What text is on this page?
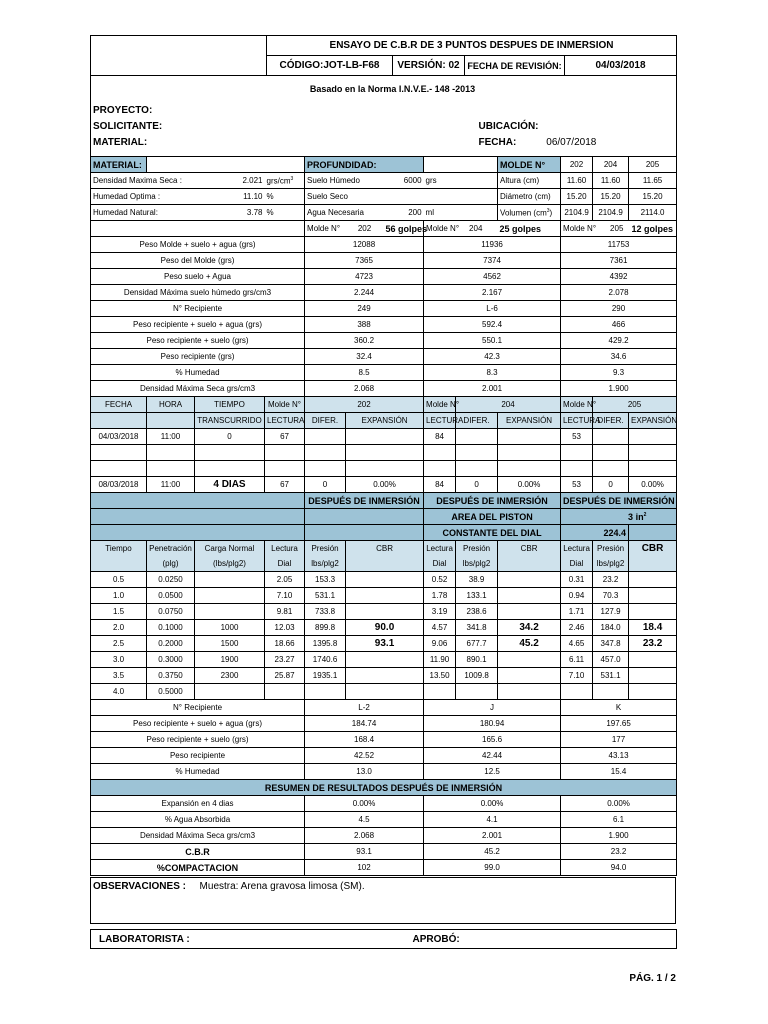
	ENSAYO DE C.B.R DE 3 PUNTOS DESPUES DE INMERSION			
	CÓDIGO:JOT-LB-F68	VERSIÓN: 02	FECHA DE REVISIÓN:	04/03/2018
Basado en la Norma I.N.V.E.- 148 -2013	
PROYECTO:	
SOLICITANTE:	UBICACIÓN:
MATERIAL:	FECHA: 06/07/2018

MATERIAL:				PROFUNDIDAD:					MOLDE N°	202	204	205
Densidad Maxima Seca :		2.021	grs/$cm^3$	Suelo Húmedo		6000	grs		Altura (cm)	11.60	11.60	11.65
Humedad Optima :		11.10	%	Suelo Seco					Diámetro (cm)	15.20	15.20	15.20
Humedad Natural:		3.78	%	Agua Necesaria		200	ml		Volumen $(cm^3)$	2104.9	2104.9	2114.0
				Molde N°	202	56 golpes	Molde N° 204		25 golpes	Molde N° 205		12 golpes
Peso Molde + suelo + agua (grs)				12088			11936			11753		
Peso del Molde (grs)				7365			7374			7361		
Peso suelo + Agua				4723			4562			4392		
Densidad Máxima suelo húmedo grs/cm3				2.244			2.167			2.078		
N° Recipiente				249			L-6			290		
Peso recipiente + suelo + agua (grs)				388			592.4			466		
Peso recipiente + suelo (grs)				360.2			550.1			429.2		
Peso recipiente (grs)				32.4			42.3			34.6		
% Humedad				8.5			8.3			9.3		
Densidad Máxima Seca grs/cm3				2.068			2.001			1.900		
FECHA	HORA	TIEMPO	Molde N°	202			Molde N°	204		Molde N°	205	
		TRANSCURRIDO	LECTURA	DIFER.	EXPANSIÓN		LECTURA	DIFER.	EXPANSIÓN	LECTURA	DIFER.	EXPANSIÓN
04/03/2018	11:00	0	67				84			53		

08/03/2018	11:00	4 DIAS	67	0	0.00%		84	0	0.00%	53	0	0.00%
				DESPUÉS DE INMERSIÓN			DESPUÉS DE INMERSIÓN			DESPUÉS DE INMERSIÓN		
							AREA DEL PISTON			3 $in^2$
							CONSTANTE DEL DIAL			224.4		
Tiempo	Penetración	Carga Normal	Lectura	Presión	CBR		Lectura	Presión	CBR	Lectura	Presión	CBR
	(plg)	(lbs/plg2)	Dial	lbs/plg2			Dial	lbs/plg2		Dial	lbs/plg2	
0.5	0.0250		2.05	153.3			0.52	38.9		0.31	23.2	
1.0	0.0500		7.10	531.1			1.78	133.1		0.94	70.3	
1.5	0.0750		9.81	733.8			3.19	238.6		1.71	127.9	
2.0	0.1000	1000	12.03	899.8	90.0		4.57	341.8	34.2	2.46	184.0	18.4
2.5	0.2000	1500	18.66	1395.8	93.1		9.06	677.7	45.2	4.65	347.8	23.2
3.0	0.3000	1900	23.27	1740.6			11.90	890.1		6.11	457.0	
3.5	0.3750	2300	25.87	1935.1			13.50	1009.8		7.10	531.1	
4.0	0.5000											
N° Recipiente				L-2			J			K		
Peso recipiente + suelo + agua (grs)				184.74			180.94			197.65		
Peso recipiente + suelo (grs)				168.4			165.6			177		
Peso recipiente				42.52			42.44			43.13		
% Humedad				13.0			12.5			15.4		
RESUMEN DE RESULTADOS DESPUÉS DE INMERSIÓN												
Expansión en 4 dias				0.00%			0.00%			0.00%		
% Agua Absorbida				4.5			4.1			6.1		
Densidad Máxima Seca grs/cm3				2.068			2.001			1.900		
C.B.R				93.1			45.2			23.2		
%COMPACTACION				102			99.0			94.0		
OBSERVACIONES : Muestra: Arena gravosa limosa (SM).
LABORATORISTA :	APROBÓ:
PÁG. 1 / 2
